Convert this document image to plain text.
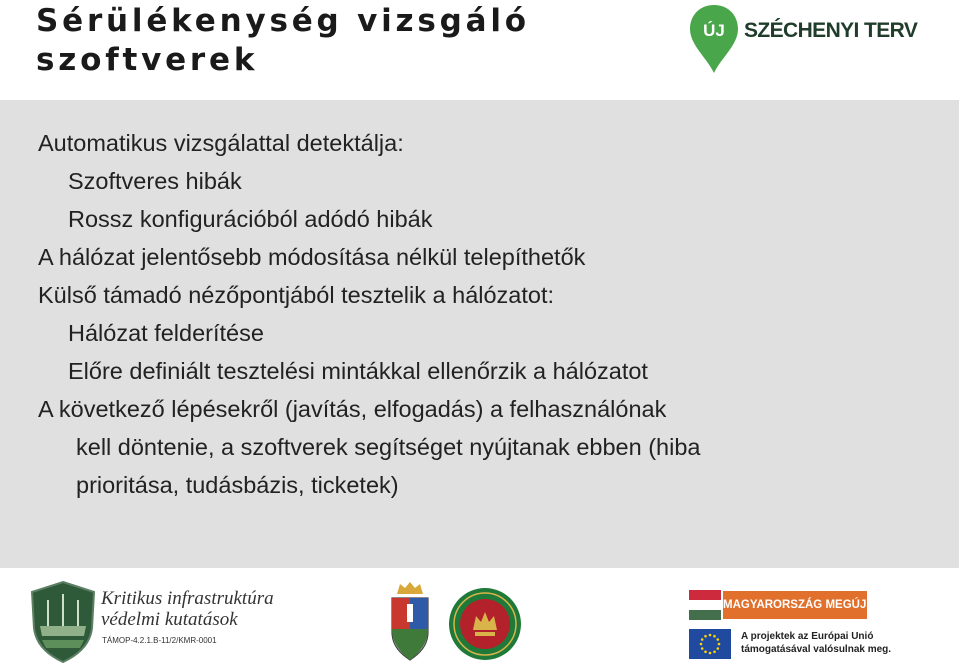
Sérülékenység vizsgáló
szoftverek
ÚJ SZÉCHENYI TERV
Automatikus vizsgálattal detektálja:
Szoftveres hibák
Rossz konfigurációból adódó hibák
A hálózat jelentősebb módosítása nélkül telepíthetők
Külső támadó nézőpontjából tesztelik a hálózatot:
Hálózat felderítése
Előre definiált tesztelési mintákkal ellenőrzik a hálózatot
A következő lépésekről (javítás, elfogadás) a felhasználónak
kell döntenie, a szoftverek segítséget nyújtanak ebben (hiba
prioritása, tudásbázis, ticketek)
Kritikus infrastruktúra
védelmi kutatások
TÁMOP-4.2.1.B-11/2/KMR-0001
MAGYARORSZÁG MEGÚJUL
A projektek az Európai Unió
támogatásával valósulnak meg.
